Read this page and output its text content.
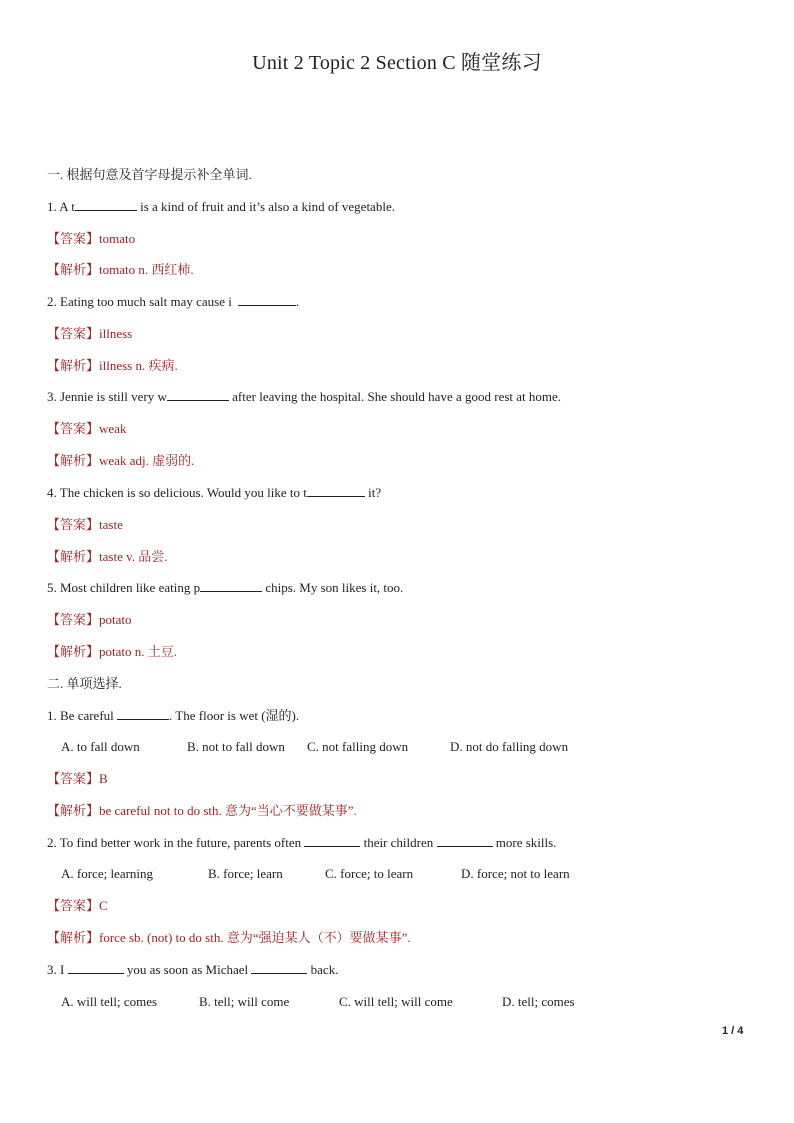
Unit 2 Topic 2 Section C 随堂练习
一. 根据句意及首字母提示补全单词.
1. A t	is a kind of fruit and it’s also a kind of vegetable.
【答案】tomato
【解析】tomato n. 西红柿.
2. Eating too much salt may cause i	.
【答案】illness
【解析】illness n. 疾病.
3. Jennie is still very w	after leaving the hospital. She should have a good rest at home.
【答案】weak
【解析】weak adj. 虚弱的.
4. The chicken is so delicious. Would you like to t	it?
【答案】taste
【解析】taste v. 品尝.
5. Most children like eating p	chips. My son likes it, too.
【答案】potato
【解析】potato n. 土豆.
二. 单项选择.
1. Be careful	. The floor is wet (湿的).
A. to fall down	B. not to fall down C. not falling down	D. not do falling down
【答案】B
【解析】be careful not to do sth. 意为“当心不要做某事”.
2. To find better work in the future, parents often	their children	more skills.
A. force; learning	B. force; learn	C. force; to learn	D. force; not to learn
【答案】C
【解析】force sb. (not) to do sth. 意为“强迫某人（不）要做某事”.
3. I	you as soon as Michael	back.
A. will tell; comes	B. tell; will come	C. will tell; will come	D. tell; comes
1 / 4
